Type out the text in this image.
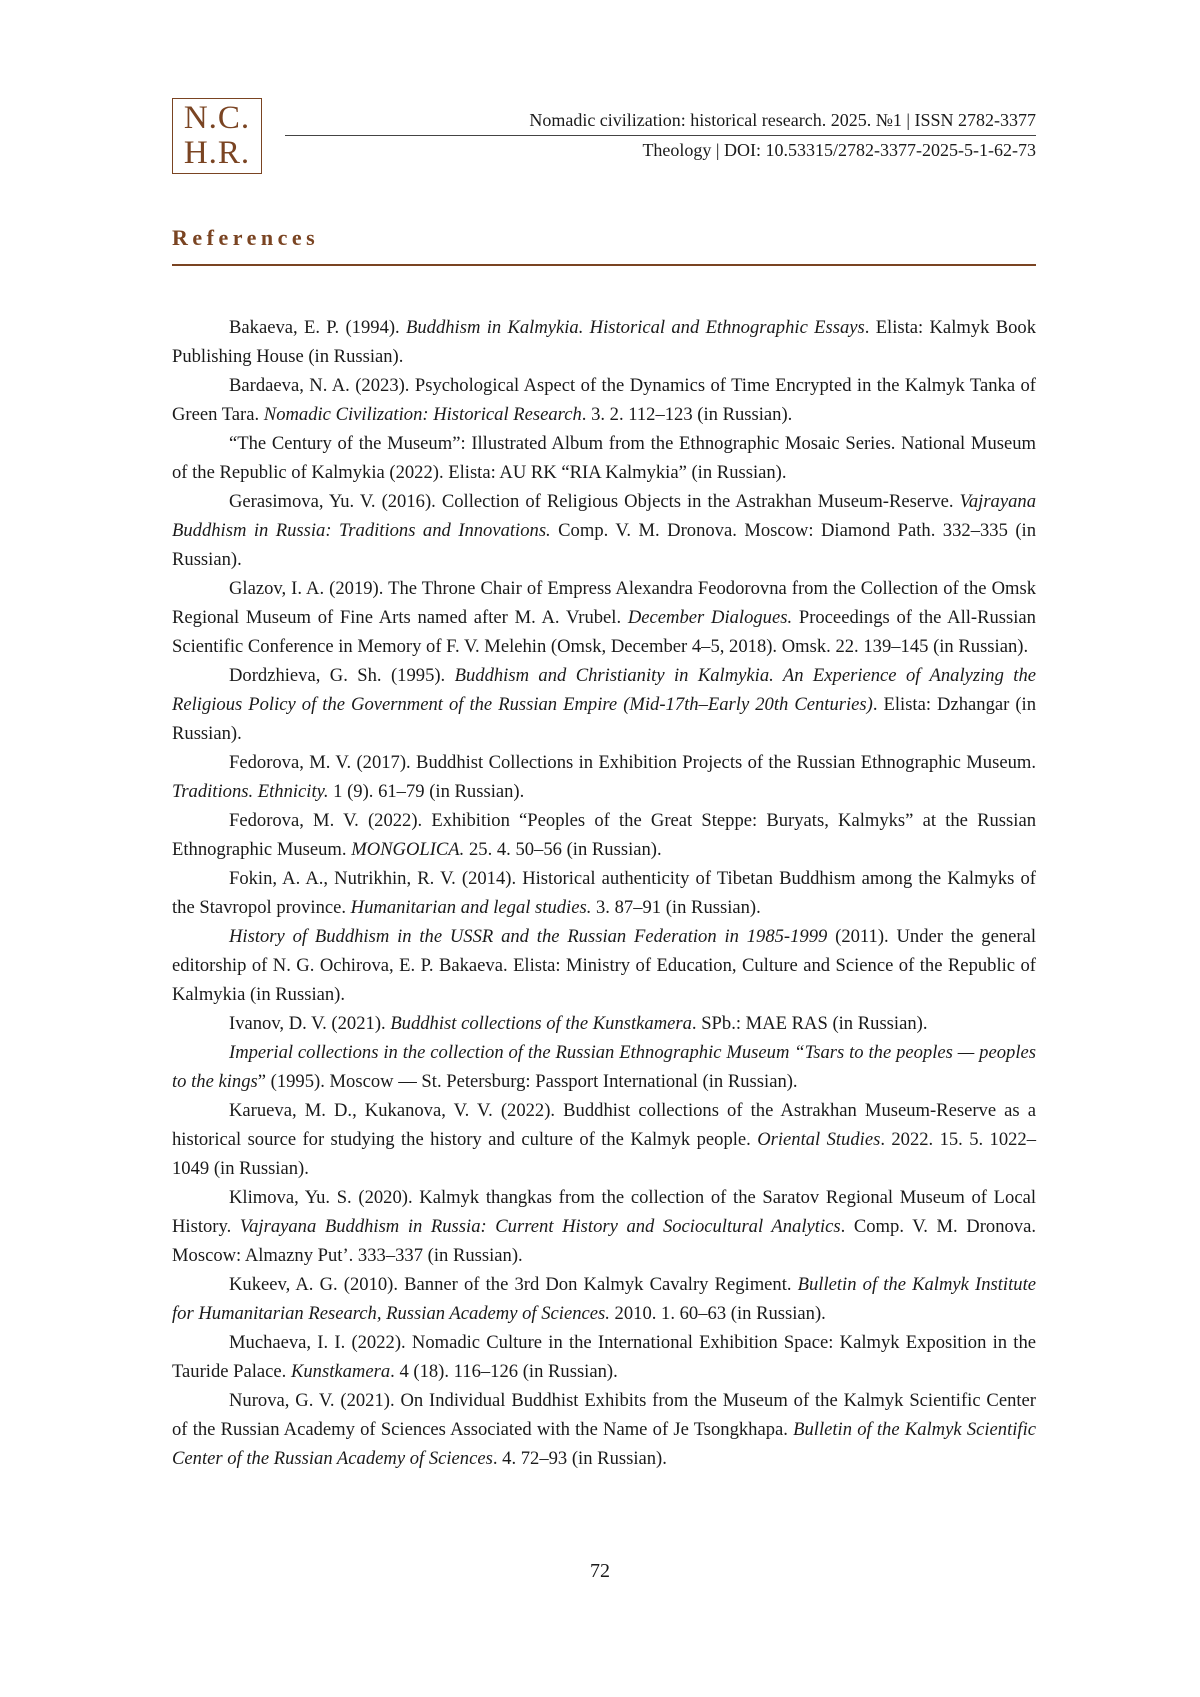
N.C.
H.R.
Nomadic civilization: historical research. 2025. №1 | ISSN 2782-3377
Theology | DOI: 10.53315/2782-3377-2025-5-1-62-73
References

Bakaeva, E. P. (1994). Buddhism in Kalmykia. Historical and Ethnographic Essays. Elista: Kalmyk Book Publishing House (in Russian).

Bardaeva, N. A. (2023). Psychological Aspect of the Dynamics of Time Encrypted in the Kalmyk Tanka of Green Tara. Nomadic Civilization: Historical Research. 3. 2. 112–123 (in Russian).

“The Century of the Museum”: Illustrated Album from the Ethnographic Mosaic Series. National Museum of the Republic of Kalmykia (2022). Elista: AU RK “RIA Kalmykia” (in Russian).

Gerasimova, Yu. V. (2016). Collection of Religious Objects in the Astrakhan Museum-Reserve. Vajrayana Buddhism in Russia: Traditions and Innovations. Comp. V. M. Dronova. Moscow: Diamond Path. 332–335 (in Russian).

Glazov, I. A. (2019). The Throne Chair of Empress Alexandra Feodorovna from the Collection of the Omsk Regional Museum of Fine Arts named after M. A. Vrubel. December Dialogues. Proceedings of the All-Russian Scientific Conference in Memory of F. V. Melehin (Omsk, December 4–5, 2018). Omsk. 22. 139–145 (in Russian).

Dordzhieva, G. Sh. (1995). Buddhism and Christianity in Kalmykia. An Experience of Analyzing the Religious Policy of the Government of the Russian Empire (Mid-17th–Early 20th Centuries). Elista: Dzhangar (in Russian).

Fedorova, M. V. (2017). Buddhist Collections in Exhibition Projects of the Russian Ethnographic Museum. Traditions. Ethnicity. 1 (9). 61–79 (in Russian).

Fedorova, M. V. (2022). Exhibition “Peoples of the Great Steppe: Buryats, Kalmyks” at the Russian Ethnographic Museum. MONGOLICA. 25. 4. 50–56 (in Russian).

Fokin, A. A., Nutrikhin, R. V. (2014). Historical authenticity of Tibetan Buddhism among the Kalmyks of the Stavropol province. Humanitarian and legal studies. 3. 87–91 (in Russian).

History of Buddhism in the USSR and the Russian Federation in 1985-1999 (2011). Under the general editorship of N. G. Ochirova, E. P. Bakaeva. Elista: Ministry of Education, Culture and Science of the Republic of Kalmykia (in Russian).

Ivanov, D. V. (2021). Buddhist collections of the Kunstkamera. SPb.: MAE RAS (in Russian).

Imperial collections in the collection of the Russian Ethnographic Museum “Tsars to the peoples — peoples to the kings” (1995). Moscow — St. Petersburg: Passport International (in Russian).

Karueva, M. D., Kukanova, V. V. (2022). Buddhist collections of the Astrakhan Museum-Reserve as a historical source for studying the history and culture of the Kalmyk people. Oriental Studies. 2022. 15. 5. 1022–1049 (in Russian).

Klimova, Yu. S. (2020). Kalmyk thangkas from the collection of the Saratov Regional Museum of Local History. Vajrayana Buddhism in Russia: Current History and Sociocultural Analytics. Comp. V. M. Dronova. Moscow: Almazny Put’. 333–337 (in Russian).

Kukeev, A. G. (2010). Banner of the 3rd Don Kalmyk Cavalry Regiment. Bulletin of the Kalmyk Institute for Humanitarian Research, Russian Academy of Sciences. 2010. 1. 60–63 (in Russian).

Muchaeva, I. I. (2022). Nomadic Culture in the International Exhibition Space: Kalmyk Exposition in the Tauride Palace. Kunstkamera. 4 (18). 116–126 (in Russian).

Nurova, G. V. (2021). On Individual Buddhist Exhibits from the Museum of the Kalmyk Scientific Center of the Russian Academy of Sciences Associated with the Name of Je Tsongkhapa. Bulletin of the Kalmyk Scientific Center of the Russian Academy of Sciences. 4. 72–93 (in Russian).

72
